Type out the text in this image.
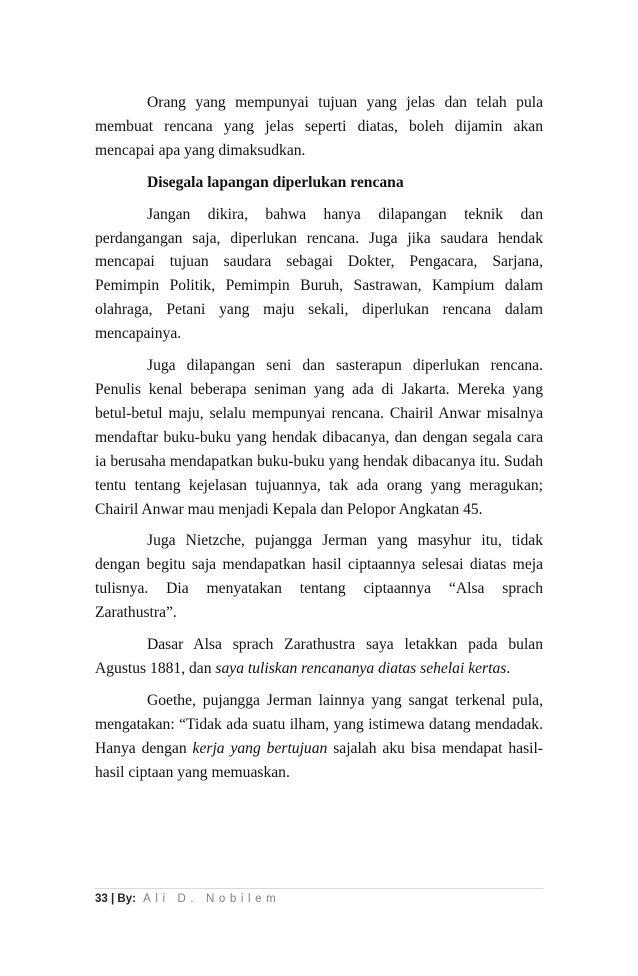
Orang yang mempunyai tujuan yang jelas dan telah pula membuat rencana yang jelas seperti diatas, boleh dijamin akan mencapai apa yang dimaksudkan.

Disegala lapangan diperlukan rencana

Jangan dikira, bahwa hanya dilapangan teknik dan perdangangan saja, diperlukan rencana. Juga jika saudara hendak mencapai tujuan saudara sebagai Dokter, Pengacara, Sarjana, Pemimpin Politik, Pemimpin Buruh, Sastrawan, Kampium dalam olahraga, Petani yang maju sekali, diperlukan rencana dalam mencapainya.

Juga dilapangan seni dan sasterapun diperlukan rencana. Penulis kenal beberapa seniman yang ada di Jakarta. Mereka yang betul-betul maju, selalu mempunyai rencana. Chairil Anwar misalnya mendaftar buku-buku yang hendak dibacanya, dan dengan segala cara ia berusaha mendapatkan buku-buku yang hendak dibacanya itu. Sudah tentu tentang kejelasan tujuannya, tak ada orang yang meragukan; Chairil Anwar mau menjadi Kepala dan Pelopor Angkatan 45.

Juga Nietzche, pujangga Jerman yang masyhur itu, tidak dengan begitu saja mendapatkan hasil ciptaannya selesai diatas meja tulisnya. Dia menyatakan tentang ciptaannya “Alsa sprach Zarathustra”.

Dasar Alsa sprach Zarathustra saya letakkan pada bulan Agustus 1881, dan saya tuliskan rencananya diatas sehelai kertas.

Goethe, pujangga Jerman lainnya yang sangat terkenal pula, mengatakan: “Tidak ada suatu ilham, yang istimewa datang mendadak. Hanya dengan kerja yang bertujuan sajalah aku bisa mendapat hasil-hasil ciptaan yang memuaskan.

33 | By: Ali D. Nobilem
